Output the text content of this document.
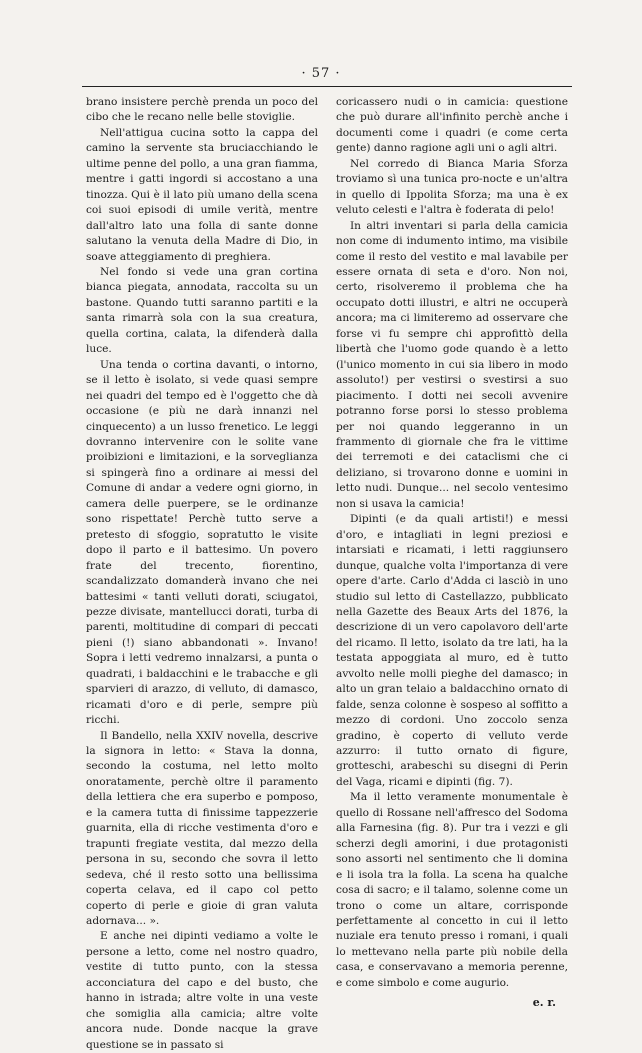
· 57 ·

brano insistere perchè prenda un poco del cibo che le recano nelle belle stoviglie.

Nell'attigua cucina sotto la cappa del camino la servente sta bruciacchiando le ultime penne del pollo, a una gran fiamma, mentre i gatti ingordi si accostano a una tinozza. Qui è il lato più umano della scena coi suoi episodi di umile verità, mentre dall'altro lato una folla di sante donne salutano la venuta della Madre di Dio, in soave atteggiamento di preghiera.

Nel fondo si vede una gran cortina bianca piegata, annodata, raccolta su un bastone. Quando tutti saranno partiti e la santa rimarrà sola con la sua creatura, quella cortina, calata, la difenderà dalla luce.

Una tenda o cortina davanti, o intorno, se il letto è isolato, si vede quasi sempre nei quadri del tempo ed è l'oggetto che dà occasione (e più ne darà innanzi nel cinquecento) a un lusso frenetico. Le leggi dovranno intervenire con le solite vane proibizioni e limitazioni, e la sorveglianza si spingerà fino a ordinare ai messi del Comune di andar a vedere ogni giorno, in camera delle puerpere, se le ordinanze sono rispettate! Perchè tutto serve a pretesto di sfoggio, sopratutto le visite dopo il parto e il battesimo. Un povero frate del trecento, fiorentino, scandalizzato domanderà invano che nei battesimi « tanti velluti dorati, sciugatoi, pezze divisate, mantellucci dorati, turba di parenti, moltitudine di compari di peccati pieni (!) siano abbandonati ». Invano! Sopra i letti vedremo innalzarsi, a punta o quadrati, i baldacchini e le trabacche e gli sparvieri di arazzo, di velluto, di damasco, ricamati d'oro e di perle, sempre più ricchi.

Il Bandello, nella XXIV novella, descrive la signora in letto: « Stava la donna, secondo la costuma, nel letto molto onoratamente, perchè oltre il paramento della lettiera che era superbo e pomposo, e la camera tutta di finissime tappezzerie guarnita, ella di ricche vestimenta d'oro e trapunti fregiate vestita, dal mezzo della persona in su, secondo che sovra il letto sedeva, ché il resto sotto una bellissima coperta celava, ed il capo col petto coperto di perle e gioie di gran valuta adornava... ».

E anche nei dipinti vediamo a volte le persone a letto, come nel nostro quadro, vestite di tutto punto, con la stessa acconciatura del capo e del busto, che hanno in istrada; altre volte in una veste che somiglia alla camicia; altre volte ancora nude. Donde nacque la grave questione se in passato si

coricassero nudi o in camicia: questione che può durare all'infinito perchè anche i documenti come i quadri (e come certa gente) danno ragione agli uni o agli altri.

Nel corredo di Bianca Maria Sforza troviamo sì una tunica pro-nocte e un'altra in quello di Ippolita Sforza; ma una è ex veluto celesti e l'altra è foderata di pelo!

In altri inventari si parla della camicia non come di indumento intimo, ma visibile come il resto del vestito e mal lavabile per essere ornata di seta e d'oro. Non noi, certo, risolveremo il problema che ha occupato dotti illustri, e altri ne occuperà ancora; ma ci limiteremo ad osservare che forse vi fu sempre chi approfittò della libertà che l'uomo gode quando è a letto (l'unico momento in cui sia libero in modo assoluto!) per vestirsi o svestirsi a suo piacimento. I dotti nei secoli avvenire potranno forse porsi lo stesso problema per noi quando leggeranno in un frammento di giornale che fra le vittime dei terremoti e dei cataclismi che ci deliziano, si trovarono donne e uomini in letto nudi. Dunque... nel secolo ventesimo non si usava la camicia!

Dipinti (e da quali artisti!) e messi d'oro, e intagliati in legni preziosi e intarsiati e ricamati, i letti raggiunsero dunque, qualche volta l'importanza di vere opere d'arte. Carlo d'Adda ci lasciò in uno studio sul letto di Castellazzo, pubblicato nella Gazette des Beaux Arts del 1876, la descrizione di un vero capolavoro dell'arte del ricamo. Il letto, isolato da tre lati, ha la testata appoggiata al muro, ed è tutto avvolto nelle molli pieghe del damasco; in alto un gran telaio a baldacchino ornato di falde, senza colonne è sospeso al soffitto a mezzo di cordoni. Uno zoccolo senza gradino, è coperto di velluto verde azzurro: il tutto ornato di figure, grotteschi, arabeschi su disegni di Perin del Vaga, ricami e dipinti (fig. 7).

Ma il letto veramente monumentale è quello di Rossane nell'affresco del Sodoma alla Farnesina (fig. 8). Pur tra i vezzi e gli scherzi degli amorini, i due protagonisti sono assorti nel sentimento che li domina e li isola tra la folla. La scena ha qualche cosa di sacro; e il talamo, solenne come un trono o come un altare, corrisponde perfettamente al concetto in cui il letto nuziale era tenuto presso i romani, i quali lo mettevano nella parte più nobile della casa, e conservavano a memoria perenne, e come simbolo e come augurio.

e. r.
